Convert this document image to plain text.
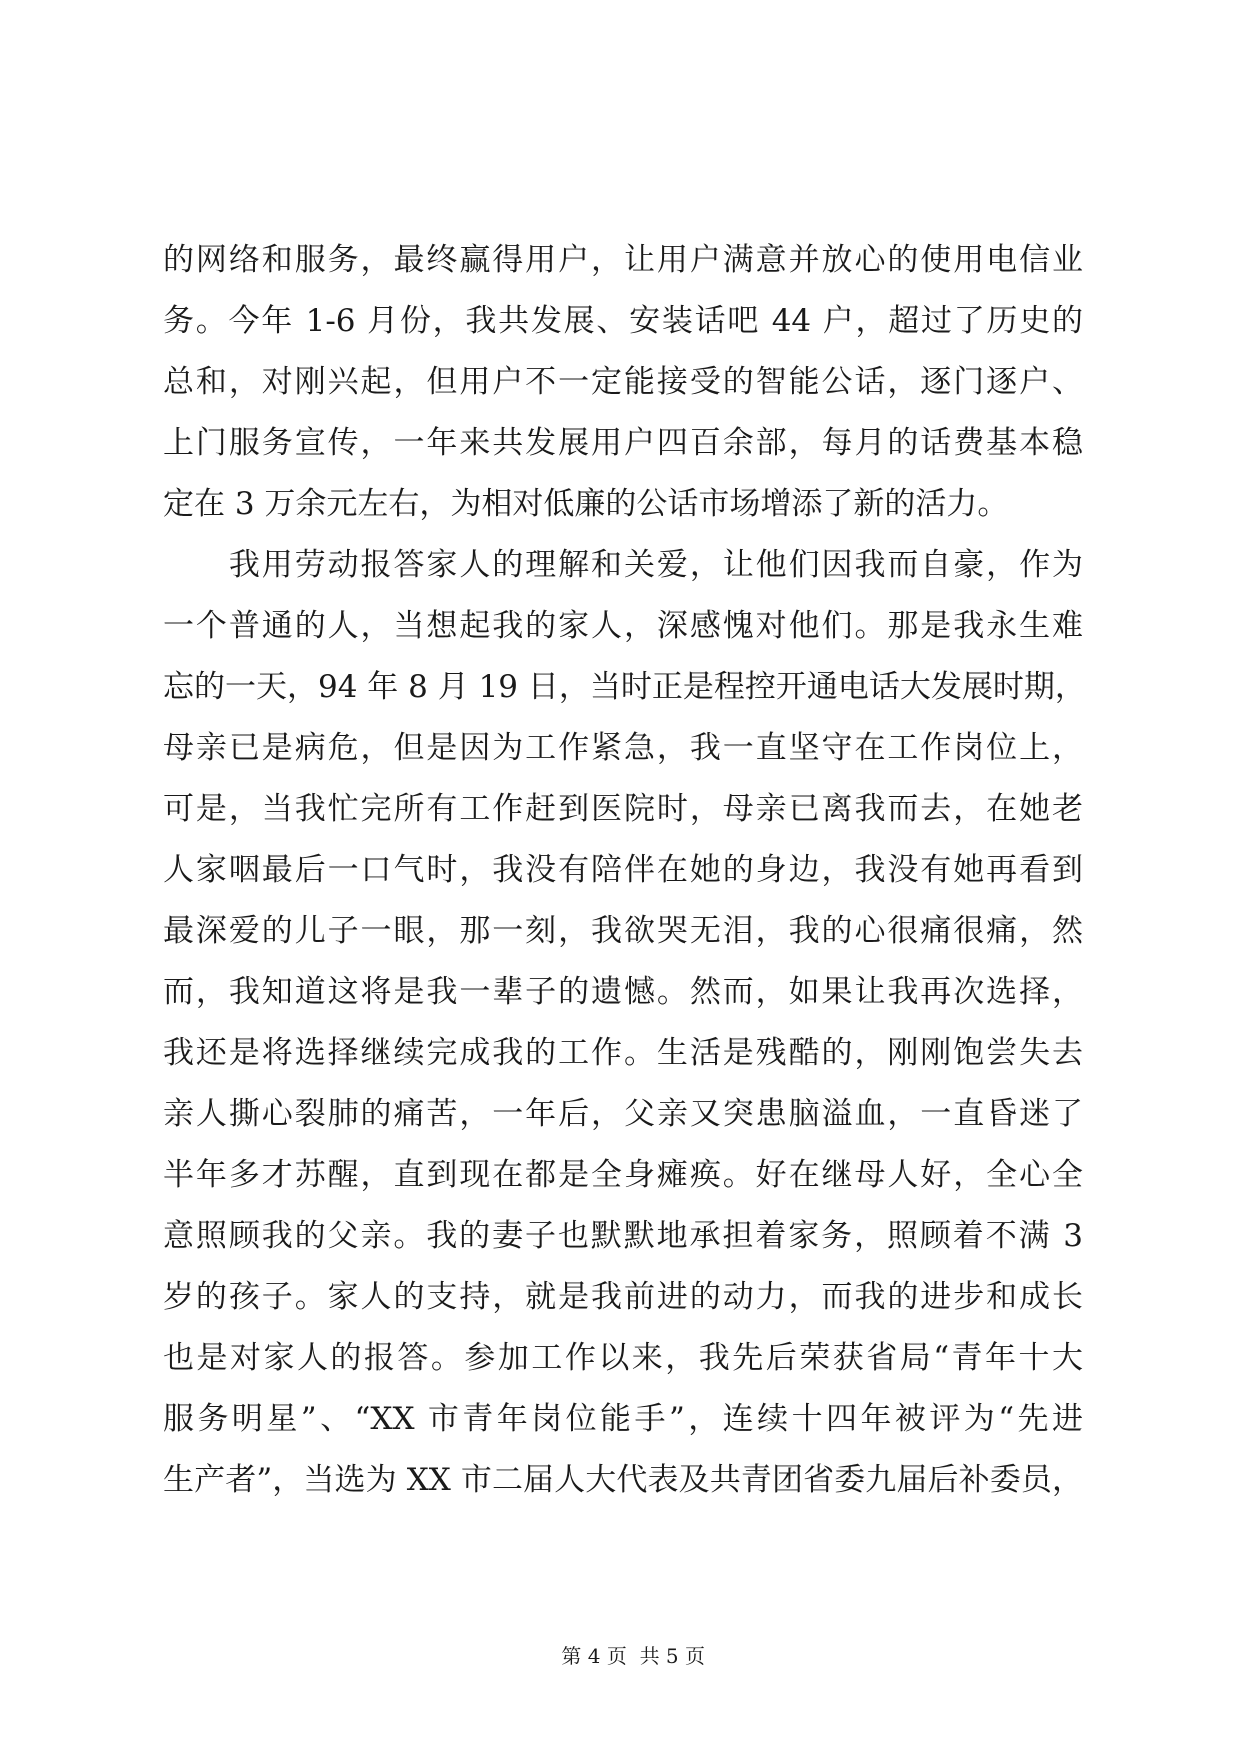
的网络和服务，最终赢得用户，让用户满意并放心的使用电信业
务。今年 1-6 月份，我共发展、安装话吧 44 户，超过了历史的
总和，对刚兴起，但用户不一定能接受的智能公话，逐门逐户、
上门服务宣传，一年来共发展用户四百余部，每月的话费基本稳
定在 3 万余元左右，为相对低廉的公话市场增添了新的活力。
　　我用劳动报答家人的理解和关爱，让他们因我而自豪，作为
一个普通的人，当想起我的家人，深感愧对他们。那是我永生难
忘的一天，94 年 8 月 19 日，当时正是程控开通电话大发展时期，
母亲已是病危，但是因为工作紧急，我一直坚守在工作岗位上，
可是，当我忙完所有工作赶到医院时，母亲已离我而去，在她老
人家咽最后一口气时，我没有陪伴在她的身边，我没有她再看到
最深爱的儿子一眼，那一刻，我欲哭无泪，我的心很痛很痛，然
而，我知道这将是我一辈子的遗憾。然而，如果让我再次选择，
我还是将选择继续完成我的工作。生活是残酷的，刚刚饱尝失去
亲人撕心裂肺的痛苦，一年后，父亲又突患脑溢血，一直昏迷了
半年多才苏醒，直到现在都是全身瘫痪。好在继母人好，全心全
意照顾我的父亲。我的妻子也默默地承担着家务，照顾着不满 3
岁的孩子。家人的支持，就是我前进的动力，而我的进步和成长
也是对家人的报答。参加工作以来，我先后荣获省局“青年十大
服务明星”、“XX 市青年岗位能手”，连续十四年被评为“先进
生产者”，当选为 XX 市二届人大代表及共青团省委九届后补委员，

第 4 页  共 5 页
